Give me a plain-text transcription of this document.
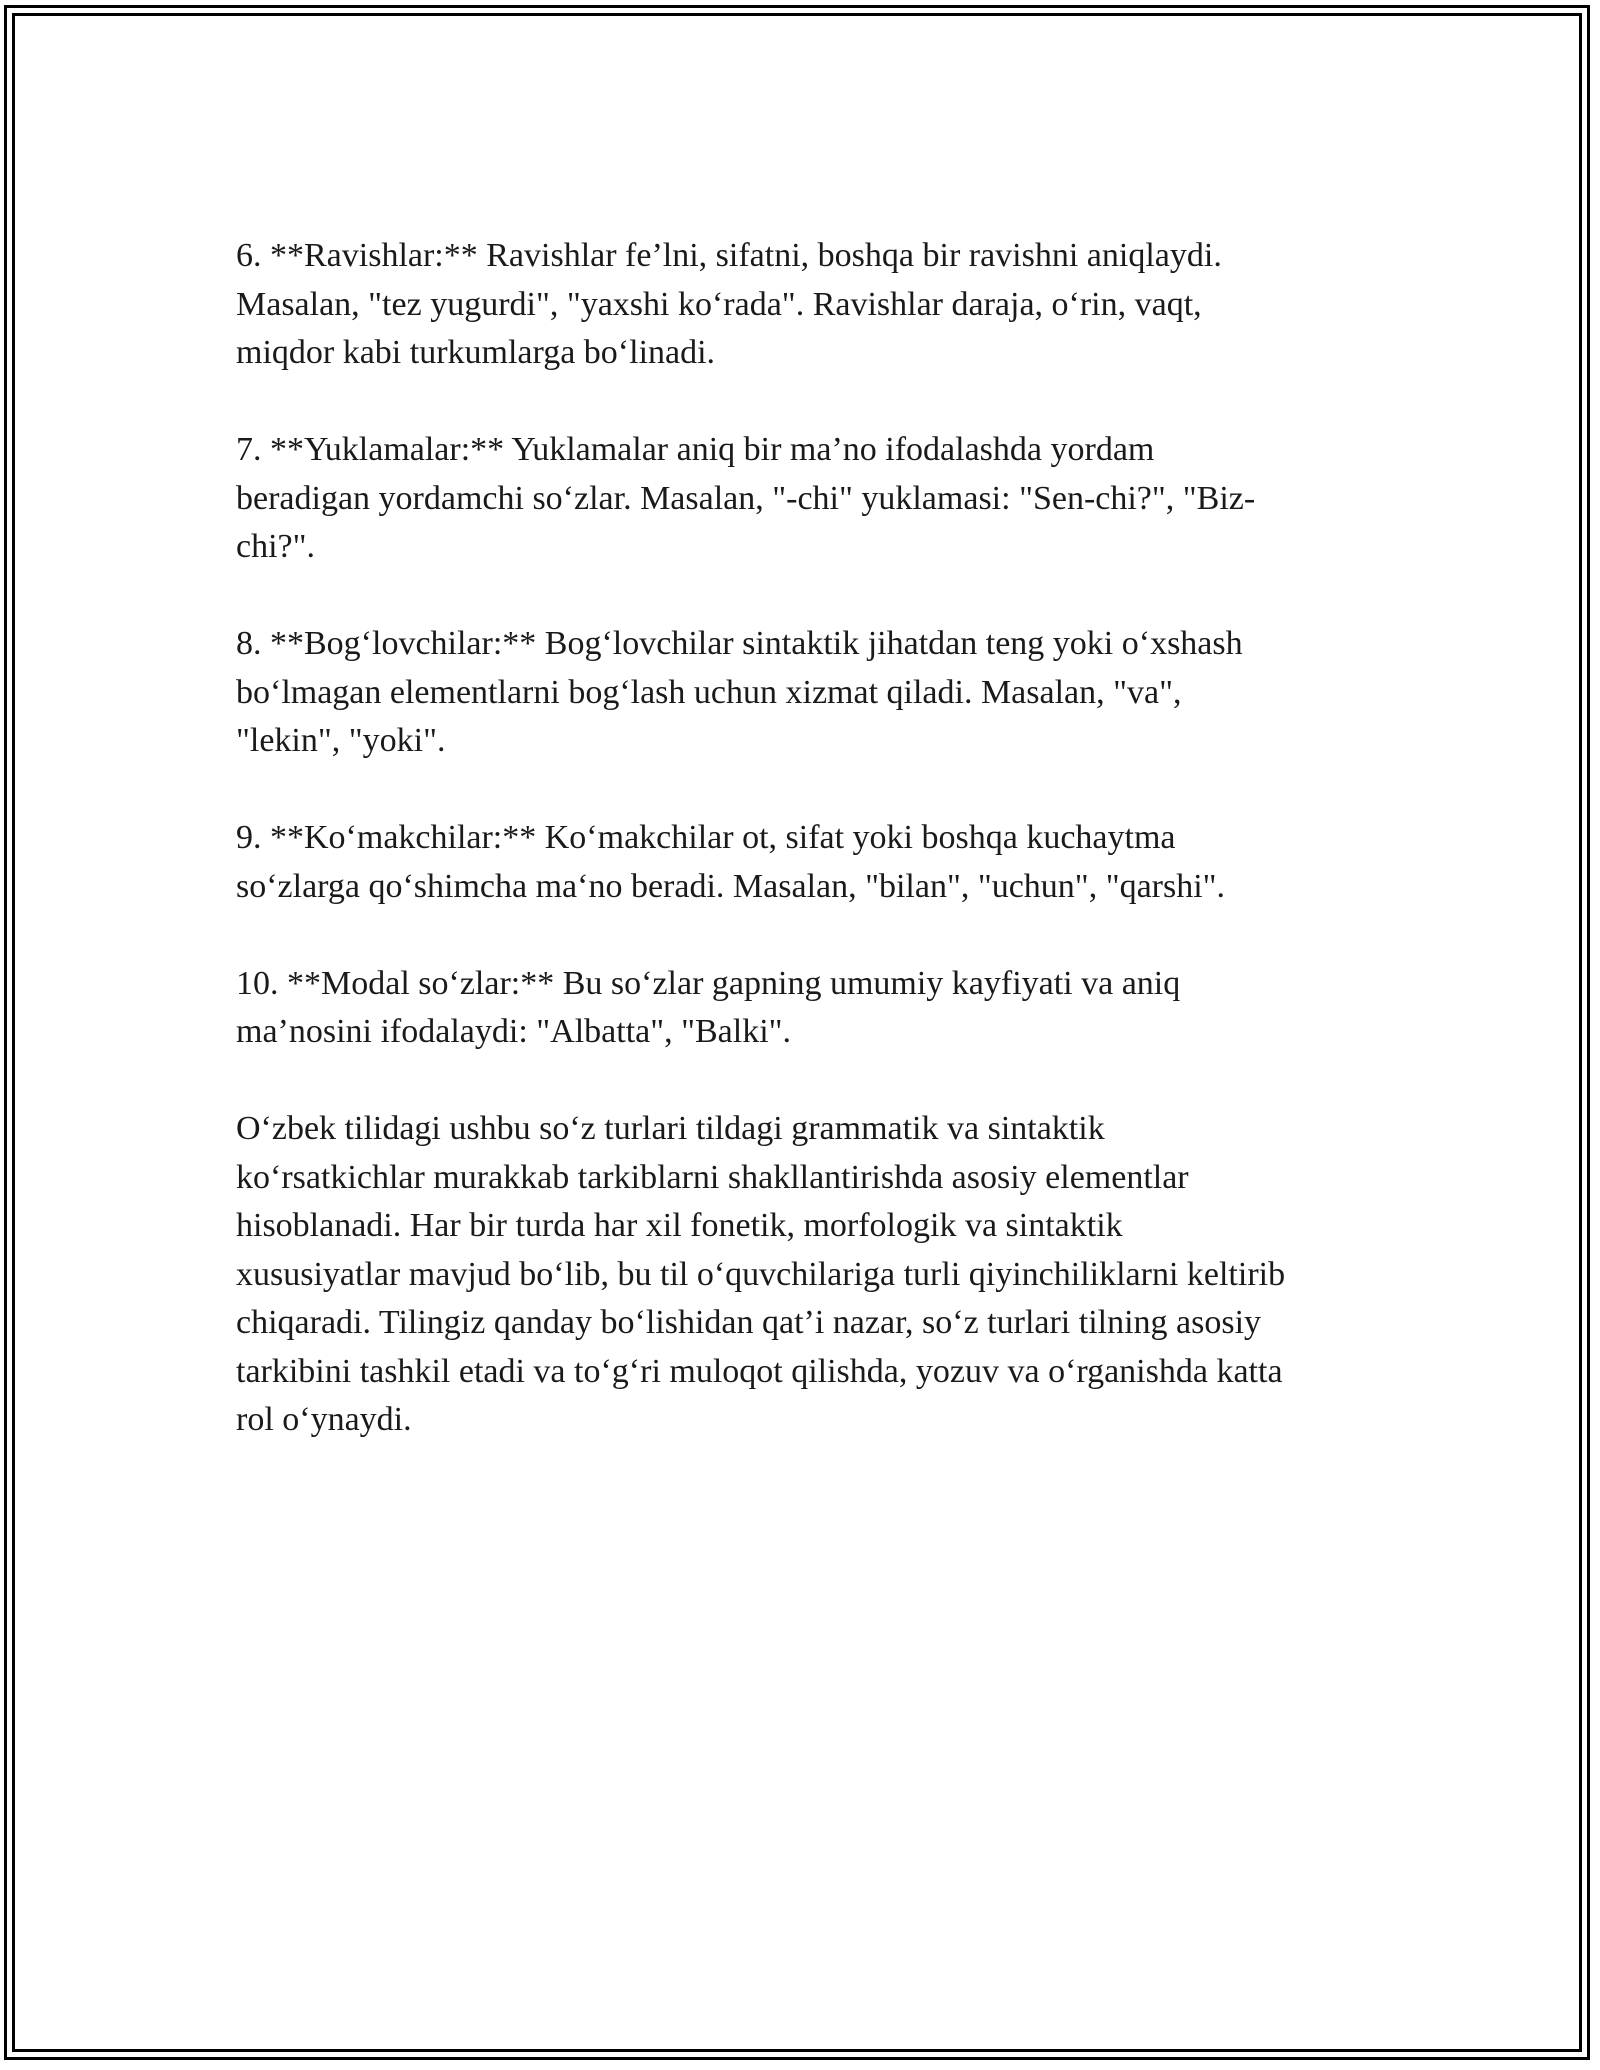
6. **Ravishlar:** Ravishlar fe’lni, sifatni, boshqa bir ravishni aniqlaydi.
Masalan, "tez yugurdi", "yaxshi ko‘rada". Ravishlar daraja, o‘rin, vaqt,
miqdor kabi turkumlarga bo‘linadi.

7. **Yuklamalar:** Yuklamalar aniq bir ma’no ifodalashda yordam
beradigan yordamchi so‘zlar. Masalan, "-chi" yuklamasi: "Sen-chi?", "Biz-
chi?".

8. **Bog‘lovchilar:** Bog‘lovchilar sintaktik jihatdan teng yoki o‘xshash
bo‘lmagan elementlarni bog‘lash uchun xizmat qiladi. Masalan, "va",
"lekin", "yoki".

9. **Ko‘makchilar:** Ko‘makchilar ot, sifat yoki boshqa kuchaytma
so‘zlarga qo‘shimcha ma‘no beradi. Masalan, "bilan", "uchun", "qarshi".

10. **Modal so‘zlar:** Bu so‘zlar gapning umumiy kayfiyati va aniq
ma’nosini ifodalaydi: "Albatta", "Balki".

O‘zbek tilidagi ushbu so‘z turlari tildagi grammatik va sintaktik
ko‘rsatkichlar murakkab tarkiblarni shakllantirishda asosiy elementlar
hisoblanadi. Har bir turda har xil fonetik, morfologik va sintaktik
xususiyatlar mavjud bo‘lib, bu til o‘quvchilariga turli qiyinchiliklarni keltirib
chiqaradi. Tilingiz qanday bo‘lishidan qat’i nazar, so‘z turlari tilning asosiy
tarkibini tashkil etadi va to‘g‘ri muloqot qilishda, yozuv va o‘rganishda katta
rol o‘ynaydi.
